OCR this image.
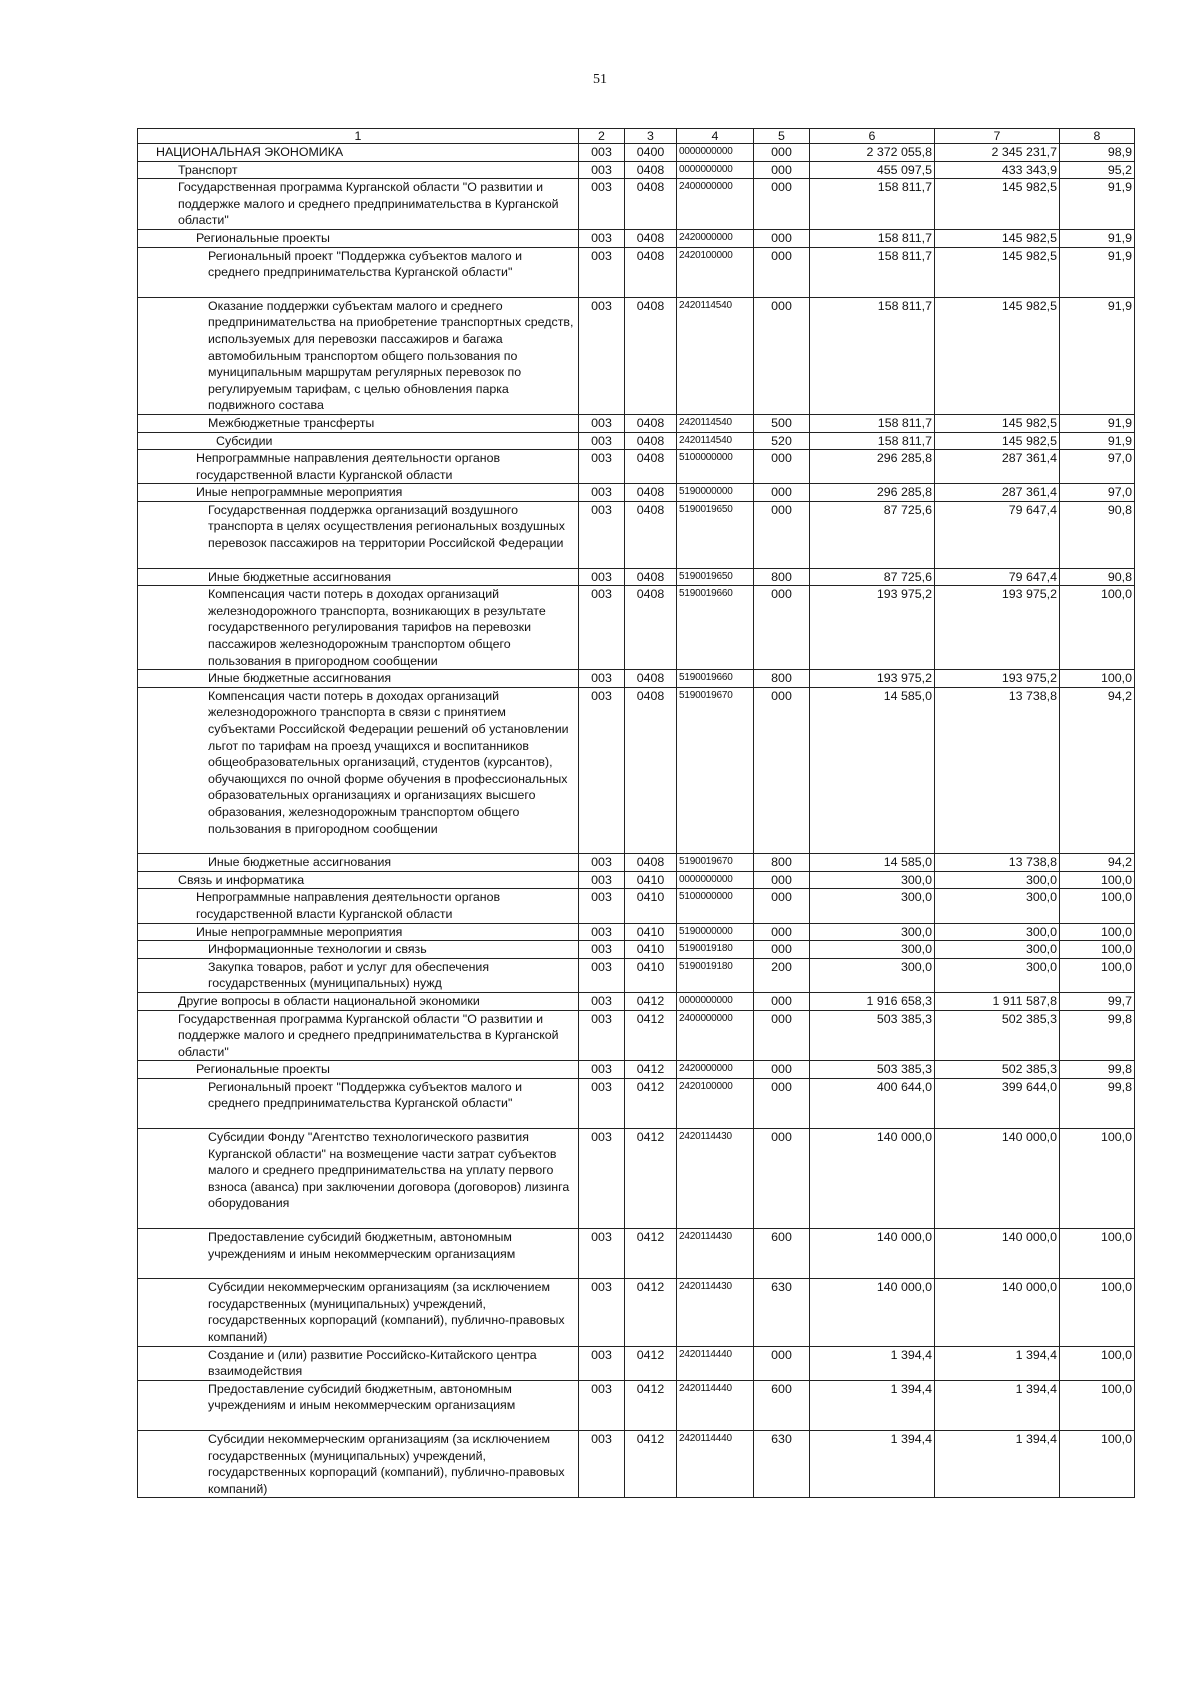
51
1	2	3	4	5	6	7	8
НАЦИОНАЛЬНАЯ ЭКОНОМИКА	003	0400	0000000000	000	2 372 055,8	2 345 231,7	98,9
Транспорт	003	0408	0000000000	000	455 097,5	433 343,9	95,2
Государственная программа Курганской области "О развитии и поддержке малого и среднего предпринимательства в Курганской области"	003	0408	2400000000	000	158 811,7	145 982,5	91,9
Региональные проекты	003	0408	2420000000	000	158 811,7	145 982,5	91,9
Региональный проект "Поддержка субъектов малого и среднего предпринимательства Курганской области"	003	0408	2420100000	000	158 811,7	145 982,5	91,9
Оказание поддержки субъектам малого и среднего предпринимательства на приобретение транспортных средств, используемых для перевозки пассажиров и багажа автомобильным транспортом общего пользования по муниципальным маршрутам регулярных перевозок по регулируемым тарифам, с целью обновления парка подвижного состава	003	0408	2420114540	000	158 811,7	145 982,5	91,9
Межбюджетные трансферты	003	0408	2420114540	500	158 811,7	145 982,5	91,9
Субсидии	003	0408	2420114540	520	158 811,7	145 982,5	91,9
Непрограммные направления деятельности органов государственной власти Курганской области	003	0408	5100000000	000	296 285,8	287 361,4	97,0
Иные непрограммные мероприятия	003	0408	5190000000	000	296 285,8	287 361,4	97,0
Государственная поддержка организаций воздушного транспорта в целях осуществления региональных воздушных перевозок пассажиров на территории Российской Федерации	003	0408	5190019650	000	87 725,6	79 647,4	90,8
Иные бюджетные ассигнования	003	0408	5190019650	800	87 725,6	79 647,4	90,8
Компенсация части потерь в доходах организаций железнодорожного транспорта, возникающих в результате государственного регулирования тарифов на перевозки пассажиров железнодорожным транспортом общего пользования в пригородном сообщении	003	0408	5190019660	000	193 975,2	193 975,2	100,0
Иные бюджетные ассигнования	003	0408	5190019660	800	193 975,2	193 975,2	100,0
Компенсация части потерь в доходах организаций железнодорожного транспорта в связи с принятием субъектами Российской Федерации решений об установлении льгот по тарифам на проезд учащихся и воспитанников общеобразовательных организаций, студентов (курсантов), обучающихся по очной форме обучения в профессиональных образовательных организациях и организациях высшего образования, железнодорожным транспортом общего пользования в пригородном сообщении	003	0408	5190019670	000	14 585,0	13 738,8	94,2
Иные бюджетные ассигнования	003	0408	5190019670	800	14 585,0	13 738,8	94,2
Связь и информатика	003	0410	0000000000	000	300,0	300,0	100,0
Непрограммные направления деятельности органов государственной власти Курганской области	003	0410	5100000000	000	300,0	300,0	100,0
Иные непрограммные мероприятия	003	0410	5190000000	000	300,0	300,0	100,0
Информационные технологии и связь	003	0410	5190019180	000	300,0	300,0	100,0
Закупка товаров, работ и услуг для обеспечения государственных (муниципальных) нужд	003	0410	5190019180	200	300,0	300,0	100,0
Другие вопросы в области национальной экономики	003	0412	0000000000	000	1 916 658,3	1 911 587,8	99,7
Государственная программа Курганской области "О развитии и поддержке малого и среднего предпринимательства в Курганской области"	003	0412	2400000000	000	503 385,3	502 385,3	99,8
Региональные проекты	003	0412	2420000000	000	503 385,3	502 385,3	99,8
Региональный проект "Поддержка субъектов малого и среднего предпринимательства Курганской области"	003	0412	2420100000	000	400 644,0	399 644,0	99,8
Субсидии Фонду "Агентство технологического развития Курганской области" на возмещение части затрат субъектов малого и среднего предпринимательства на уплату первого взноса (аванса) при заключении договора (договоров) лизинга оборудования	003	0412	2420114430	000	140 000,0	140 000,0	100,0
Предоставление субсидий бюджетным, автономным учреждениям и иным некоммерческим организациям	003	0412	2420114430	600	140 000,0	140 000,0	100,0
Субсидии некоммерческим организациям (за исключением государственных (муниципальных) учреждений, государственных корпораций (компаний), публично-правовых компаний)	003	0412	2420114430	630	140 000,0	140 000,0	100,0
Создание и (или) развитие Российско-Китайского центра взаимодействия	003	0412	2420114440	000	1 394,4	1 394,4	100,0
Предоставление субсидий бюджетным, автономным учреждениям и иным некоммерческим организациям	003	0412	2420114440	600	1 394,4	1 394,4	100,0
Субсидии некоммерческим организациям (за исключением государственных (муниципальных) учреждений, государственных корпораций (компаний), публично-правовых компаний)	003	0412	2420114440	630	1 394,4	1 394,4	100,0
